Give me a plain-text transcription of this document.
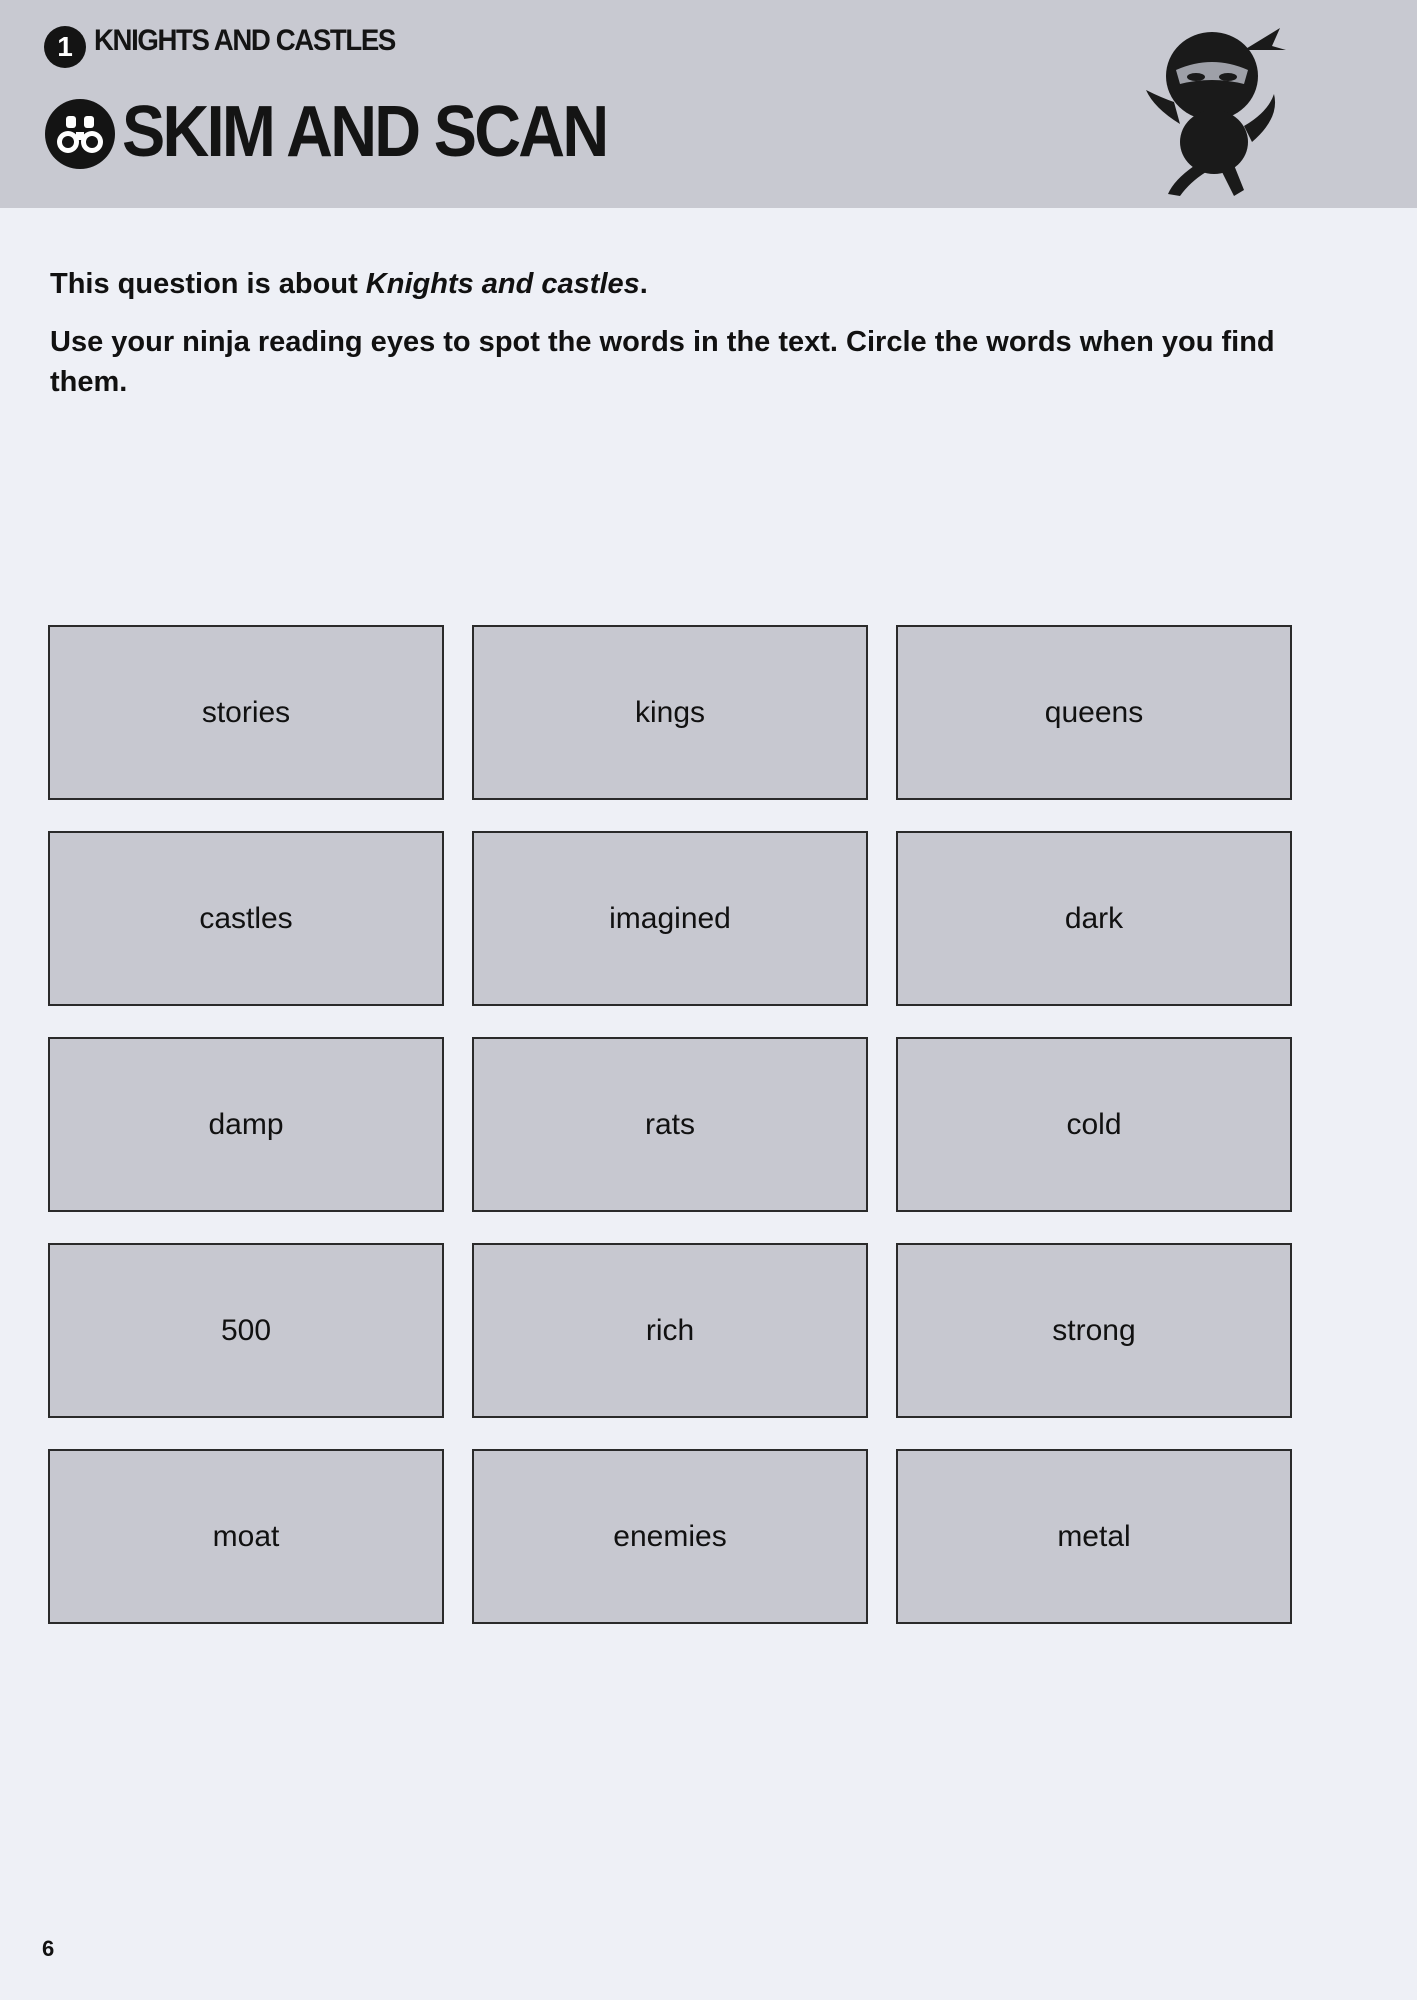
1 KNIGHTS AND CASTLES
SKIM AND SCAN

This question is about Knights and castles.

Use your ninja reading eyes to spot the words in the text. Circle the words when you find them.

stories	kings	queens
castles	imagined	dark
damp	rats	cold
500	rich	strong
moat	enemies	metal
6
